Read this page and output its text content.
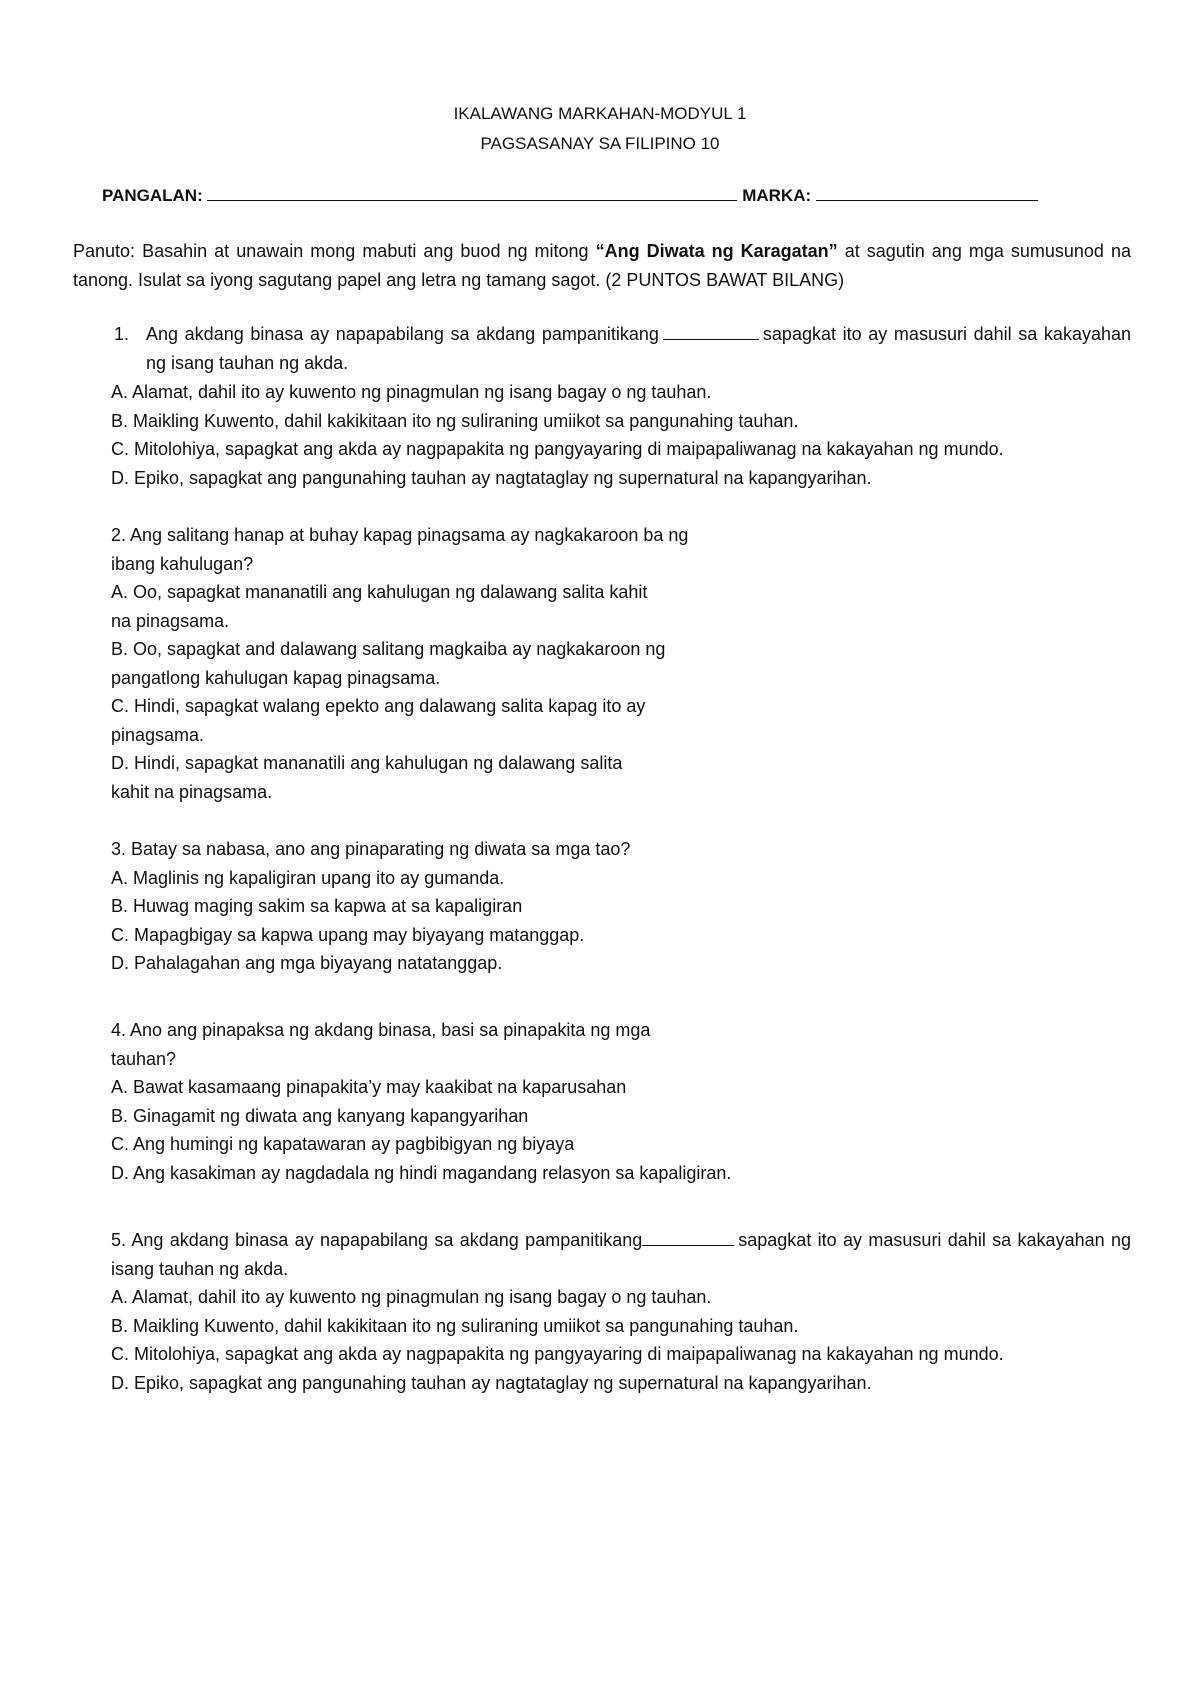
IKALAWANG MARKAHAN-MODYUL 1
PAGSASANAY SA FILIPINO 10
PANGALAN:	MARKA:
Panuto: Basahin at unawain mong mabuti ang buod ng mitong “Ang Diwata ng Karagatan” at sagutin ang mga sumusunod na tanong. Isulat sa iyong sagutang papel ang letra ng tamang sagot. (2 PUNTOS BAWAT BILANG)
1. Ang akdang binasa ay napapabilang sa akdang pampanitikang	sapagkat ito ay masusuri dahil sa kakayahan ng isang tauhan ng akda.
A. Alamat, dahil ito ay kuwento ng pinagmulan ng isang bagay o ng tauhan.
B. Maikling Kuwento, dahil kakikitaan ito ng suliraning umiikot sa pangunahing tauhan.
C. Mitolohiya, sapagkat ang akda ay nagpapakita ng pangyayaring di maipapaliwanag na kakayahan ng mundo.
D. Epiko, sapagkat ang pangunahing tauhan ay nagtataglay ng supernatural na kapangyarihan.
2. Ang salitang hanap at buhay kapag pinagsama ay nagkakaroon ba ng
ibang kahulugan?
A. Oo, sapagkat mananatili ang kahulugan ng dalawang salita kahit
na pinagsama.
B. Oo, sapagkat and dalawang salitang magkaiba ay nagkakaroon ng
pangatlong kahulugan kapag pinagsama.
C. Hindi, sapagkat walang epekto ang dalawang salita kapag ito ay
pinagsama.
D. Hindi, sapagkat mananatili ang kahulugan ng dalawang salita
kahit na pinagsama.
3. Batay sa nabasa, ano ang pinaparating ng diwata sa mga tao?
A. Maglinis ng kapaligiran upang ito ay gumanda.
B. Huwag maging sakim sa kapwa at sa kapaligiran
C. Mapagbigay sa kapwa upang may biyayang matanggap.
D. Pahalagahan ang mga biyayang natatanggap.
4. Ano ang pinapaksa ng akdang binasa, basi sa pinapakita ng mga
tauhan?
A. Bawat kasamaang pinapakita’y may kaakibat na kaparusahan
B. Ginagamit ng diwata ang kanyang kapangyarihan
C. Ang humingi ng kapatawaran ay pagbibigyan ng biyaya
D. Ang kasakiman ay nagdadala ng hindi magandang relasyon sa kapaligiran.
5. Ang akdang binasa ay napapabilang sa akdang pampanitikang	sapagkat ito ay masusuri dahil sa kakayahan ng isang tauhan ng akda.
A. Alamat, dahil ito ay kuwento ng pinagmulan ng isang bagay o ng tauhan.
B. Maikling Kuwento, dahil kakikitaan ito ng suliraning umiikot sa pangunahing tauhan.
C. Mitolohiya, sapagkat ang akda ay nagpapakita ng pangyayaring di maipapaliwanag na kakayahan ng mundo.
D. Epiko, sapagkat ang pangunahing tauhan ay nagtataglay ng supernatural na kapangyarihan.
